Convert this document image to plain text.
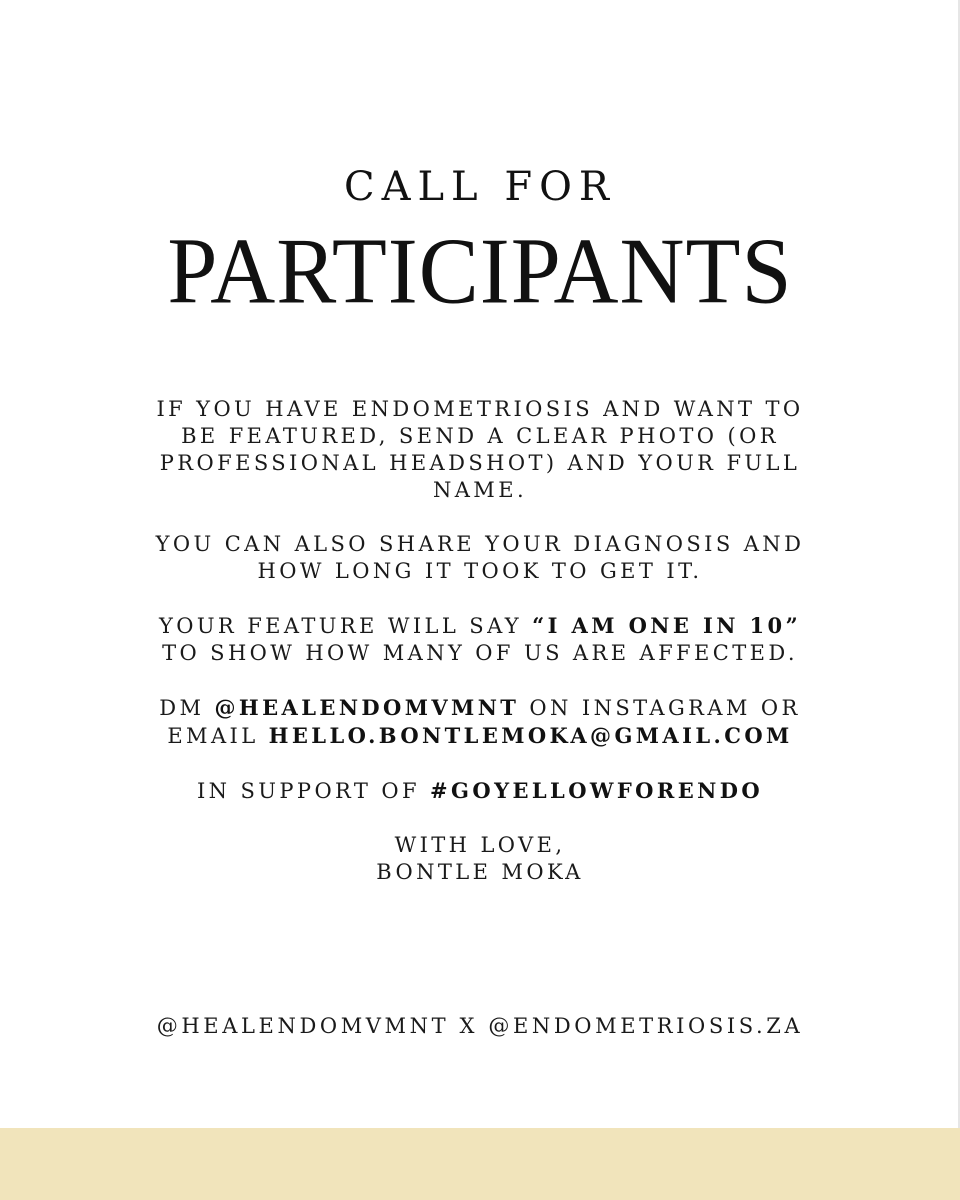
CALL FOR
PARTICIPANTS
IF YOU HAVE ENDOMETRIOSIS AND WANT TO
BE FEATURED, SEND A CLEAR PHOTO (OR
PROFESSIONAL HEADSHOT) AND YOUR FULL
NAME.
YOU CAN ALSO SHARE YOUR DIAGNOSIS AND
HOW LONG IT TOOK TO GET IT.
YOUR FEATURE WILL SAY “I AM ONE IN 10”
TO SHOW HOW MANY OF US ARE AFFECTED.
DM @HEALENDOMVMNT ON INSTAGRAM OR
EMAIL HELLO.BONTLEMOKA@GMAIL.COM
IN SUPPORT OF #GOYELLOWFORENDO
WITH LOVE,
BONTLE MOKA
@HEALENDOMVMNT X @ENDOMETRIOSIS.ZA
